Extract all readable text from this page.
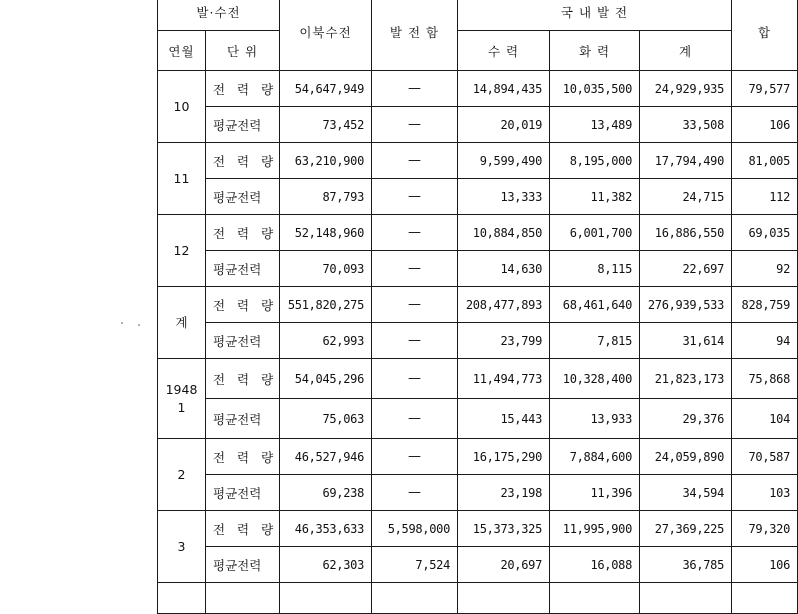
발·수전		이북수전	발 전 함	국 내 발 전			합
연월	단 위			수 력	화 력	계	

10	전 력 량	54,647,949	—	14,894,435	10,035,500	24,929,935	79,577
	평균전력	73,452	—	20,019	13,489	33,508	106

11	전 력 량	63,210,900	—	9,599,490	8,195,000	17,794,490	81,005
	평균전력	87,793	—	13,333	11,382	24,715	112

12	전 력 량	52,148,960	—	10,884,850	6,001,700	16,886,550	69,035
	평균전력	70,093	—	14,630	8,115	22,697	92

계	전 력 량	551,820,275	—	208,477,893	68,461,640	276,939,533	828,759
	평균전력	62,993	—	23,799	7,815	31,614	94

1948
1	전 력 량	54,045,296	—	11,494,773	10,328,400	21,823,173	75,868
	평균전력	75,063	—	15,443	13,933	29,376	104

2	전 력 량	46,527,946	—	16,175,290	7,884,600	24,059,890	70,587
	평균전력	69,238	—	23,198	11,396	34,594	103

3	전 력 량	46,353,633	5,598,000	15,373,325	11,995,900	27,369,225	79,320
	평균전력	62,303	7,524	20,697	16,088	36,785	106
